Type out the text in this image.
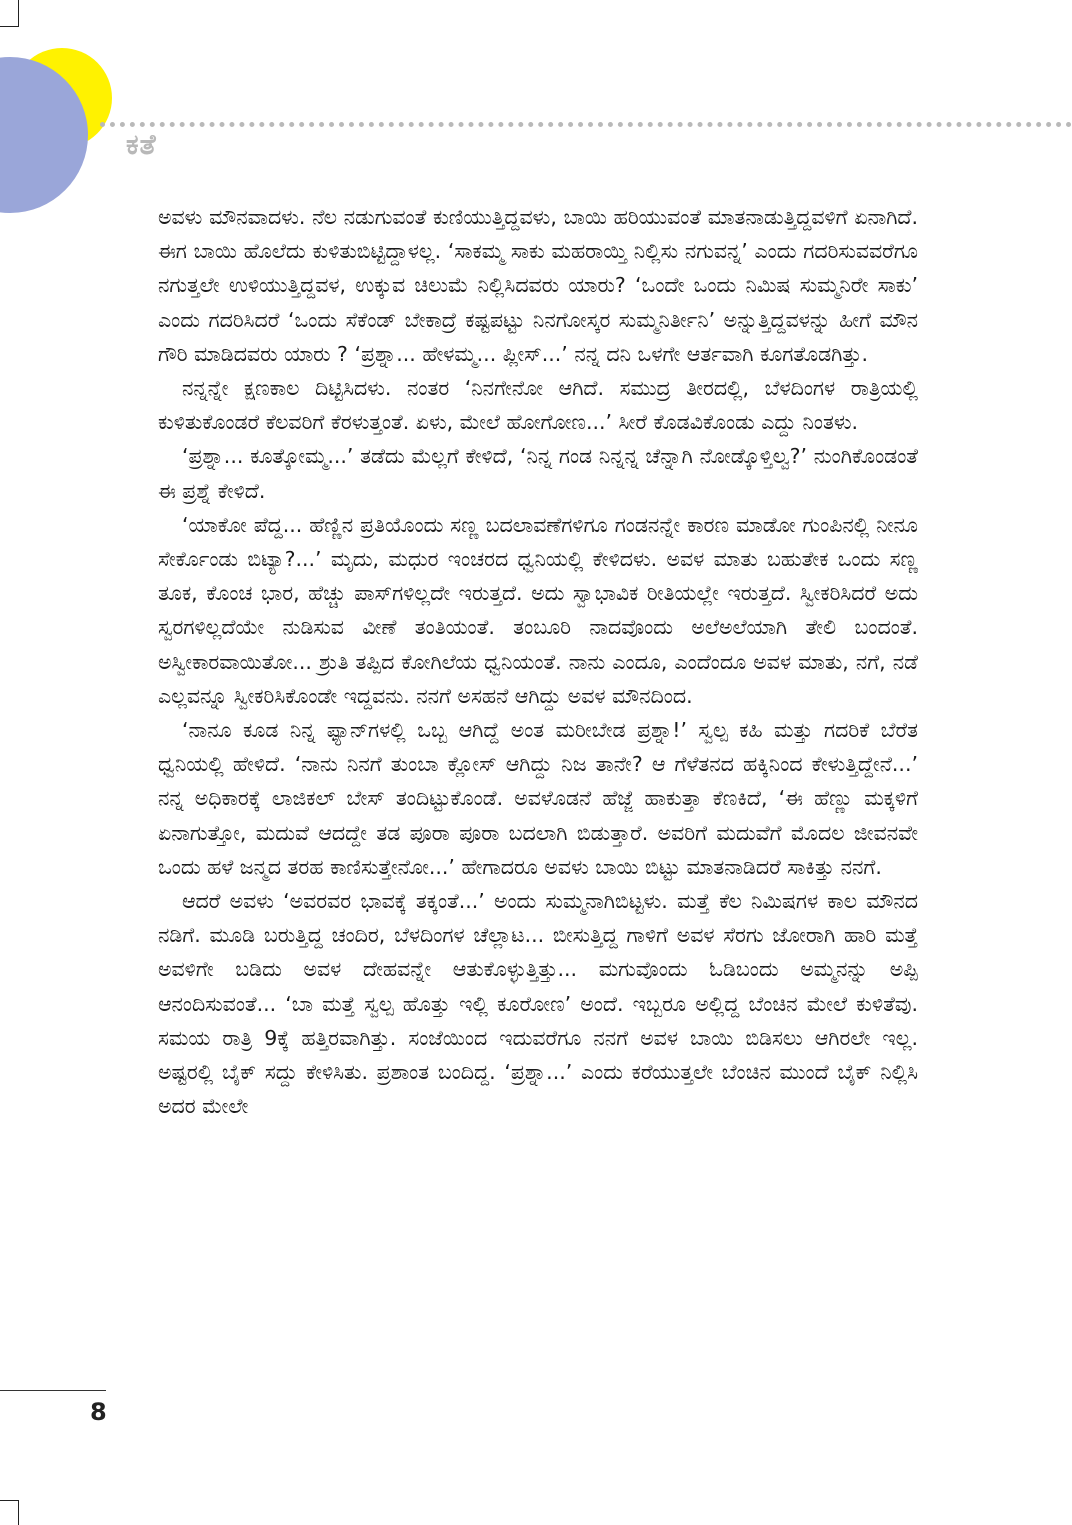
ಕತೆ

ಅವಳು ಮೌನವಾದಳು. ನೆಲ ನಡುಗುವಂತೆ ಕುಣಿಯುತ್ತಿದ್ದವಳು, ಬಾಯಿ ಹರಿಯುವಂತೆ ಮಾತನಾಡುತ್ತಿದ್ದವಳಿಗೆ ಏನಾಗಿದೆ. ಈಗ ಬಾಯಿ ಹೊಲೆದು ಕುಳಿತುಬಿಟ್ಟಿದ್ದಾಳಲ್ಲ. ‘ಸಾಕಮ್ಮ ಸಾಕು ಮಹರಾಯ್ತಿ ನಿಲ್ಲಿಸು ನಗುವನ್ನ’ ಎಂದು ಗದರಿಸುವವರೆಗೂ ನಗುತ್ತಲೇ ಉಳಿಯುತ್ತಿದ್ದವಳ, ಉಕ್ಕುವ ಚಿಲುಮೆ ನಿಲ್ಲಿಸಿದವರು ಯಾರು? ‘ಒಂದೇ ಒಂದು ನಿಮಿಷ ಸುಮ್ಮನಿರೇ ಸಾಕು’ ಎಂದು ಗದರಿಸಿದರೆ ‘ಒಂದು ಸೆಕೆಂಡ್ ಬೇಕಾದ್ರೆ ಕಷ್ಟಪಟ್ಟು ನಿನಗೋಸ್ಕರ ಸುಮ್ಮನಿರ್ತೀನಿ’ ಅನ್ನುತ್ತಿದ್ದವಳನ್ನು ಹೀಗೆ ಮೌನ ಗೌರಿ ಮಾಡಿದವರು ಯಾರು ? ‘ಪ್ರಶ್ನಾ... ಹೇಳಮ್ಮ... ಪ್ಲೀಸ್...’ ನನ್ನ ದನಿ ಒಳಗೇ ಆರ್ತವಾಗಿ ಕೂಗತೊಡಗಿತ್ತು.

ನನ್ನನ್ನೇ ಕ್ಷಣಕಾಲ ದಿಟ್ಟಿಸಿದಳು. ನಂತರ ‘ನಿನಗೇನೋ ಆಗಿದೆ. ಸಮುದ್ರ ತೀರದಲ್ಲಿ, ಬೆಳದಿಂಗಳ ರಾತ್ರಿಯಲ್ಲಿ ಕುಳಿತುಕೊಂಡರೆ ಕೆಲವರಿಗೆ ಕೆರಳುತ್ತಂತೆ. ಏಳು, ಮೇಲೆ ಹೋಗೋಣ...’ ಸೀರೆ ಕೊಡವಿಕೊಂಡು ಎದ್ದು ನಿಂತಳು.

‘ಪ್ರಶ್ನಾ... ಕೂತ್ಕೋಮ್ಮ...’ ತಡೆದು ಮೆಲ್ಲಗೆ ಕೇಳಿದೆ, ‘ನಿನ್ನ ಗಂಡ ನಿನ್ನನ್ನ ಚೆನ್ನಾಗಿ ನೋಡ್ಕೊಳ್ತಿಲ್ವ?’ ನುಂಗಿಕೊಂಡಂತೆ ಈ ಪ್ರಶ್ನೆ ಕೇಳಿದೆ.

‘ಯಾಕೋ ಪೆದ್ದ... ಹೆಣ್ಣಿನ ಪ್ರತಿಯೊಂದು ಸಣ್ಣ ಬದಲಾವಣೆಗಳಿಗೂ ಗಂಡನನ್ನೇ ಕಾರಣ ಮಾಡೋ ಗುಂಪಿನಲ್ಲಿ ನೀನೂ ಸೇರ್ಕೊಂಡು ಬಿಟ್ಯಾ?...’ ಮೃದು, ಮಧುರ ಇಂಚರದ ಧ್ವನಿಯಲ್ಲಿ ಕೇಳಿದಳು. ಅವಳ ಮಾತು ಬಹುತೇಕ ಒಂದು ಸಣ್ಣ ತೂಕ, ಕೊಂಚ ಭಾರ, ಹೆಚ್ಚು ಪಾಸ್‌ಗಳಿಲ್ಲದೇ ಇರುತ್ತದೆ. ಅದು ಸ್ವಾಭಾವಿಕ ರೀತಿಯಲ್ಲೇ ಇರುತ್ತದೆ. ಸ್ವೀಕರಿಸಿದರೆ ಅದು ಸ್ವರಗಳಿಲ್ಲದೆಯೇ ನುಡಿಸುವ ವೀಣೆ ತಂತಿಯಂತೆ. ತಂಬೂರಿ ನಾದವೊಂದು ಅಲೆಅಲೆಯಾಗಿ ತೇಲಿ ಬಂದಂತೆ. ಅಸ್ವೀಕಾರವಾಯಿತೋ... ಶ್ರುತಿ ತಪ್ಪಿದ ಕೋಗಿಲೆಯ ಧ್ವನಿಯಂತೆ. ನಾನು ಎಂದೂ, ಎಂದೆಂದೂ ಅವಳ ಮಾತು, ನಗೆ, ನಡೆ ಎಲ್ಲವನ್ನೂ ಸ್ವೀಕರಿಸಿಕೊಂಡೇ ಇದ್ದವನು. ನನಗೆ ಅಸಹನೆ ಆಗಿದ್ದು ಅವಳ ಮೌನದಿಂದ.

‘ನಾನೂ ಕೂಡ ನಿನ್ನ ಫ್ಯಾನ್‌ಗಳಲ್ಲಿ ಒಬ್ಬ ಆಗಿದ್ದೆ ಅಂತ ಮರೀಬೇಡ ಪ್ರಶ್ನಾ!’ ಸ್ವಲ್ಪ ಕಹಿ ಮತ್ತು ಗದರಿಕೆ ಬೆರೆತ ಧ್ವನಿಯಲ್ಲಿ ಹೇಳಿದೆ. ‘ನಾನು ನಿನಗೆ ತುಂಬಾ ಕ್ಲೋಸ್ ಆಗಿದ್ದು ನಿಜ ತಾನೇ? ಆ ಗೆಳೆತನದ ಹಕ್ಕಿನಿಂದ ಕೇಳುತ್ತಿದ್ದೇನೆ...’ ನನ್ನ ಅಧಿಕಾರಕ್ಕೆ ಲಾಜಿಕಲ್ ಬೇಸ್ ತಂದಿಟ್ಟುಕೊಂಡೆ. ಅವಳೊಡನೆ ಹೆಜ್ಜೆ ಹಾಕುತ್ತಾ ಕೆಣಕಿದೆ, ‘ಈ ಹೆಣ್ಣು ಮಕ್ಕಳಿಗೆ ಏನಾಗುತ್ತೋ, ಮದುವೆ ಆದದ್ದೇ ತಡ ಪೂರಾ ಪೂರಾ ಬದಲಾಗಿ ಬಿಡುತ್ತಾರೆ. ಅವರಿಗೆ ಮದುವೆಗೆ ಮೊದಲ ಜೀವನವೇ ಒಂದು ಹಳೆ ಜನ್ಮದ ತರಹ ಕಾಣಿಸುತ್ತೇನೋ...’ ಹೇಗಾದರೂ ಅವಳು ಬಾಯಿ ಬಿಟ್ಟು ಮಾತನಾಡಿದರೆ ಸಾಕಿತ್ತು ನನಗೆ.

ಆದರೆ ಅವಳು ‘ಅವರವರ ಭಾವಕ್ಕೆ ತಕ್ಕಂತೆ...’ ಅಂದು ಸುಮ್ಮನಾಗಿಬಿಟ್ಟಳು. ಮತ್ತೆ ಕೆಲ ನಿಮಿಷಗಳ ಕಾಲ ಮೌನದ ನಡಿಗೆ. ಮೂಡಿ ಬರುತ್ತಿದ್ದ ಚಂದಿರ, ಬೆಳದಿಂಗಳ ಚೆಲ್ಲಾಟ... ಬೀಸುತ್ತಿದ್ದ ಗಾಳಿಗೆ ಅವಳ ಸೆರಗು ಜೋರಾಗಿ ಹಾರಿ ಮತ್ತೆ ಅವಳಿಗೇ ಬಡಿದು ಅವಳ ದೇಹವನ್ನೇ ಆತುಕೊಳ್ಳುತ್ತಿತ್ತು... ಮಗುವೊಂದು ಓಡಿಬಂದು ಅಮ್ಮನನ್ನು ಅಪ್ಪಿ ಆನಂದಿಸುವಂತೆ... ‘ಬಾ ಮತ್ತೆ ಸ್ವಲ್ಪ ಹೊತ್ತು ಇಲ್ಲಿ ಕೂರೋಣ’ ಅಂದೆ. ಇಬ್ಬರೂ ಅಲ್ಲಿದ್ದ ಬೆಂಚಿನ ಮೇಲೆ ಕುಳಿತೆವು. ಸಮಯ ರಾತ್ರಿ 9ಕ್ಕೆ ಹತ್ತಿರವಾಗಿತ್ತು. ಸಂಜೆಯಿಂದ ಇದುವರೆಗೂ ನನಗೆ ಅವಳ ಬಾಯಿ ಬಿಡಿಸಲು ಆಗಿರಲೇ ಇಲ್ಲ. ಅಷ್ಟರಲ್ಲಿ ಬೈಕ್ ಸದ್ದು ಕೇಳಿಸಿತು. ಪ್ರಶಾಂತ ಬಂದಿದ್ದ. ‘ಪ್ರಶ್ನಾ...’ ಎಂದು ಕರೆಯುತ್ತಲೇ ಬೆಂಚಿನ ಮುಂದೆ ಬೈಕ್ ನಿಲ್ಲಿಸಿ ಅದರ ಮೇಲೇ

8
